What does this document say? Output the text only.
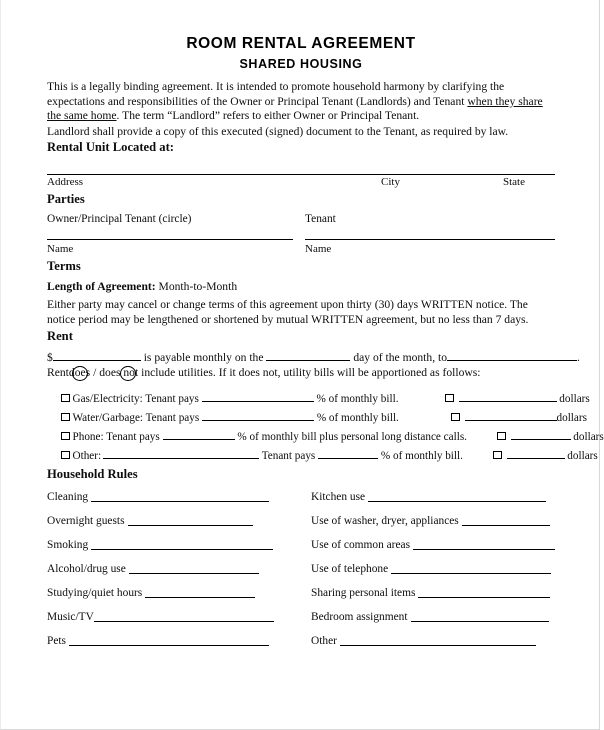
ROOM RENTAL AGREEMENT
SHARED HOUSING
This is a legally binding agreement. It is intended to promote household harmony by clarifying the expectations and responsibilities of the Owner or Principal Tenant (Landlords) and Tenant when they share the same home. The term “Landlord” refers to either Owner or Principal Tenant.
Landlord shall provide a copy of this executed (signed) document to the Tenant, as required by law.
Rental Unit Located at:
Address	City	State
Parties
Owner/Principal Tenant (circle)	Tenant
Name	Name
Terms
Length of Agreement: Month-to-Month
Either party may cancel or change terms of this agreement upon thirty (30) days WRITTEN notice. The notice period may be lengthened or shortened by mutual WRITTEN agreement, but no less than 7 days.
Rent
$	is payable monthly on the	day of the month, to	.
Rent
does / does not include utilities. If it does not, utility bills will be apportioned as follows:
Gas/Electricity: Tenant pays	% of monthly bill.	dollars
Water/Garbage: Tenant pays	% of monthly bill.	dollars
Phone: Tenant pays	% of monthly bill plus personal long distance calls.	dollars
Other:	Tenant pays	% of monthly bill.	dollars
Household Rules
Cleaning	Kitchen use
Overnight guests	Use of washer, dryer, appliances
Smoking	Use of common areas
Alcohol/drug use	Use of telephone
Studying/quiet hours	Sharing personal items
Music/TV	Bedroom assignment
Pets	Other
